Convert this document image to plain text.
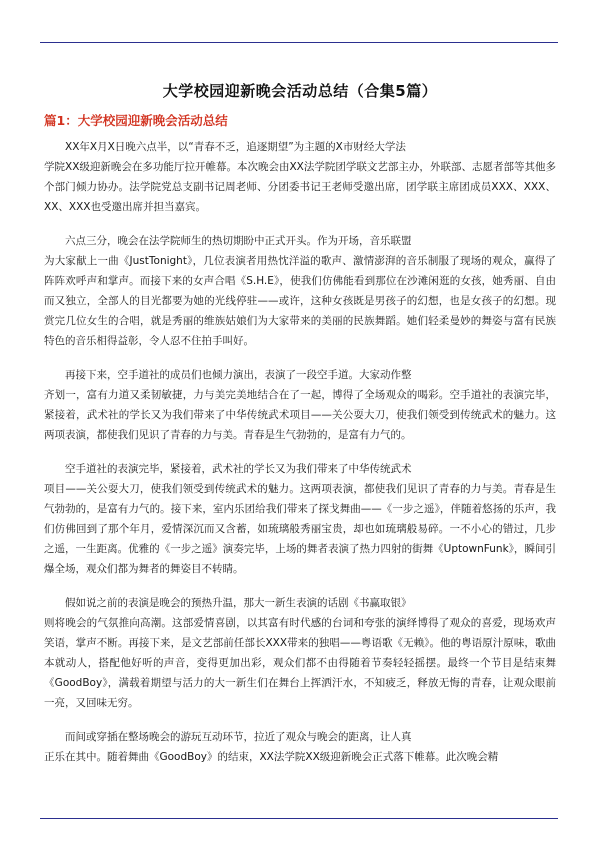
大学校园迎新晚会活动总结（合集5篇）
篇1：大学校园迎新晚会活动总结

XX年X月X日晚六点半，以“青春不乏，追逐期望”为主题的X市财经大学法
学院XX级迎新晚会在多功能厅拉开帷幕。本次晚会由XX法学院团学联文艺部主办，外联部、志愿者部等其他多个部门倾力协办。法学院党总支副书记周老师、分团委书记王老师受邀出席，团学联主席团成员XXX、XXX、XX、XXX也受邀出席并担当嘉宾。

六点三分，晚会在法学院师生的热切期盼中正式开头。作为开场，音乐联盟
为大家献上一曲《JustTonight》，几位表演者用热忱洋溢的歌声、激情澎湃的音乐制服了现场的观众，赢得了阵阵欢呼声和掌声。而接下来的女声合唱《S.H.E》，使我们仿佛能看到那位在沙滩闲逛的女孩，她秀丽、自由而又独立，全部人的目光都要为她的光线停驻——或许，这种女孩既是男孩子的幻想，也是女孩子的幻想。现赏完几位女生的合唱，就是秀丽的维族姑娘们为大家带来的美丽的民族舞蹈。她们轻柔曼妙的舞姿与富有民族特色的音乐相得益彰，令人忍不住拍手叫好。

再接下来，空手道社的成员们也倾力演出，表演了一段空手道。大家动作整
齐划一，富有力道又柔韧敏捷，力与美完美地结合在了一起，博得了全场观众的喝彩。空手道社的表演完毕，紧接着，武术社的学长又为我们带来了中华传统武术项目——关公耍大刀，使我们领受到传统武术的魅力。这两项表演，都使我们见识了青春的力与美。青春是生气勃勃的，是富有力气的。

空手道社的表演完毕，紧接着，武术社的学长又为我们带来了中华传统武术
项目——关公耍大刀，使我们领受到传统武术的魅力。这两项表演，都使我们见识了青春的力与美。青春是生气勃勃的，是富有力气的。接下来，室内乐团给我们带来了探戈舞曲——《一步之遥》，伴随着悠扬的乐声，我们仿佛回到了那个年月，爱情深沉而又含蓄，如琉璃般秀丽宝贵，却也如琉璃般易碎。一不小心的错过，几步之遥，一生距离。优雅的《一步之遥》演奏完毕，上场的舞者表演了热力四射的街舞《UptownFunk》，瞬间引爆全场，观众们都为舞者的舞姿目不转睛。

假如说之前的表演是晚会的预热升温，那大一新生表演的话剧《书赢取银》
则将晚会的气氛推向高潮。这部爱情喜剧，以其富有时代感的台词和夸张的演绎博得了观众的喜爱，现场欢声笑语，掌声不断。再接下来，是文艺部前任部长XXX带来的独唱——粤语歌《无赖》。他的粤语原汁原味，歌曲本就动人，搭配他好听的声音，变得更加出彩，观众们都不由得随着节奏轻轻摇摆。最终一个节目是结束舞《GoodBoy》，满载着期望与活力的大一新生们在舞台上挥洒汗水，不知疲乏，释放无悔的青春，让观众眼前一亮，又回味无穷。

而间或穿插在整场晚会的游玩互动环节，拉近了观众与晚会的距离，让人真
正乐在其中。随着舞曲《GoodBoy》的结束，XX法学院XX级迎新晚会正式落下帷幕。此次晚会精
